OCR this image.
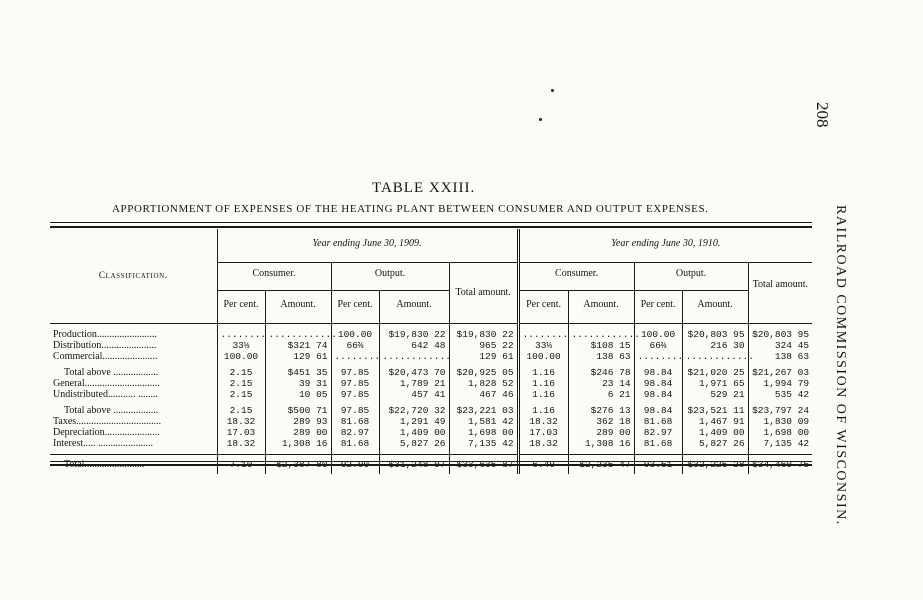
208
RAILROAD COMMISSION OF WISCONSIN.
TABLE XXIII.
APPORTIONMENT OF EXPENSES OF THE HEATING PLANT BETWEEN CONSUMER AND OUTPUT EXPENSES.
Classification.	Year ending June 30, 1909.					Year ending June 30, 1910.				
	Consumer.		Output.		Total amount.	Consumer.		Output.		Total amount.
	Per cent.	Amount.	Per cent.	Amount.		Per cent.	Amount.	Per cent.	Amount.	

Production........................	........	............	100.00	$19,830 22	$19,830 22	........	............	100.00	$20,803 95	$20,803 95
Distribution......................	33⅓	$321 74	66⅔	642 48	965 22	33⅓	$108 15	66⅔	216 30	324 45
Commercial......................	100.00	129 61	........	............	129 61	100.00	138 63	........	............	138 63

Total above ..................	2.15	$451 35	97.85	$20,473 70	$20,925 05	1.16	$246 78	98.84	$21,020 25	$21,267 03
General..............................	2.15	39 31	97.85	1,789 21	1,828 52	1.16	23 14	98.84	1,971 65	1,994 79
Undistributed........... ........	2.15	10 05	97.85	457 41	467 46	1.16	6 21	98.84	529 21	535 42

Total above ..................	2.15	$500 71	97.85	$22,720 32	$23,221 03	1.16	$276 13	98.84	$23,521 11	$23,797 24
Taxes..................................	18.32	289 93	81.68	1,291 49	1,581 42	18.32	362 18	81.68	1,467 91	1,830 09
Depreciation......................	17.03	289 00	82.97	1,409 00	1,698 00	17.03	289 00	82.97	1,409 00	1,698 00
Interest..... ......................	18.32	1,308 16	81.68	5,827 26	7,135 42	18.32	1,308 16	81.68	5,827 26	7,135 42

Total........................	7.10	$2,387 80	92.90	$31,248 07	$33,635 87	6.49	$2,235 47	93.51	$32,225 28	$34,460 75
